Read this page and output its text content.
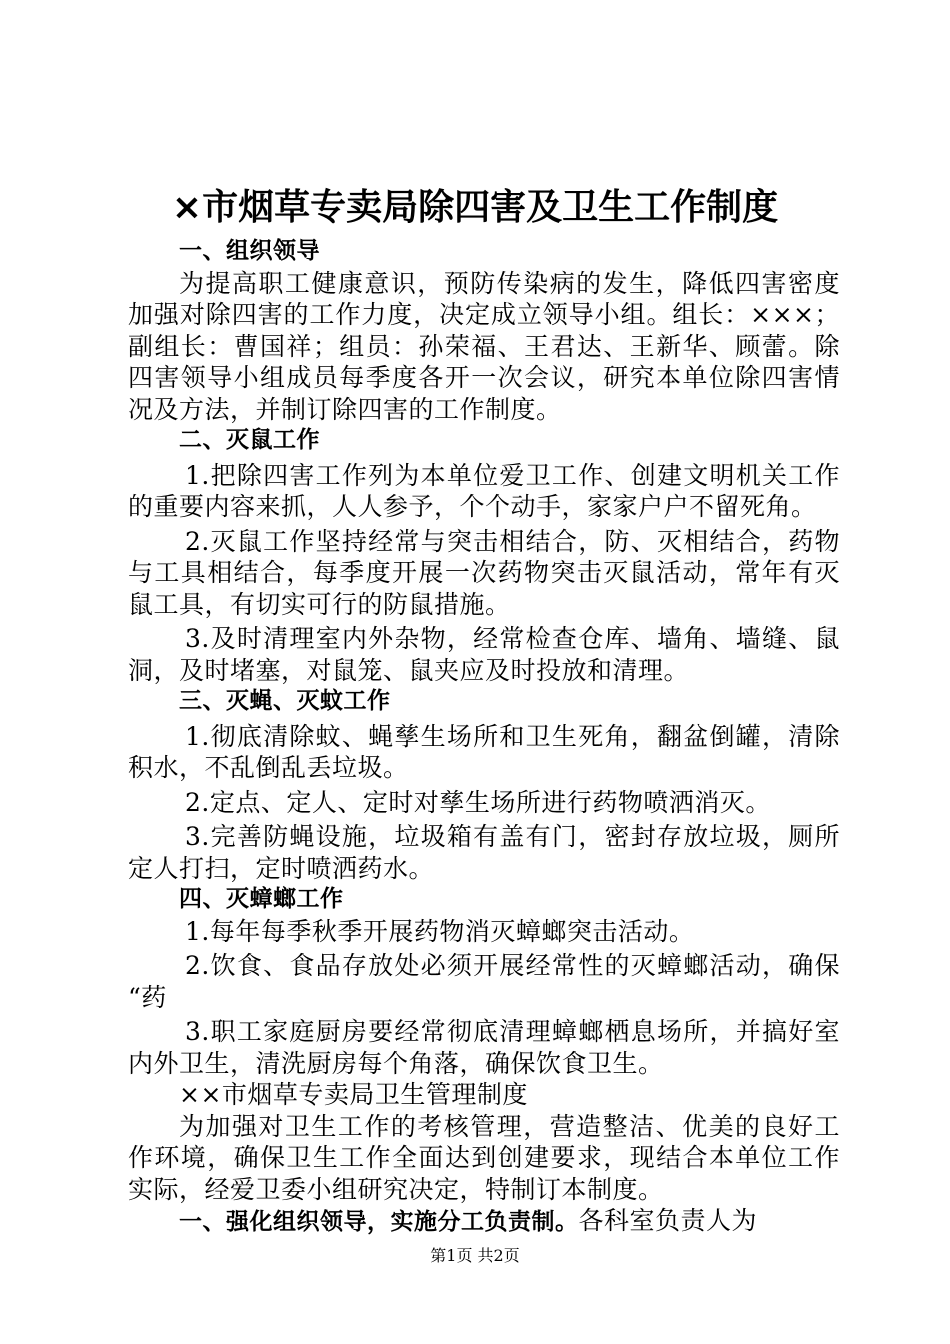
×市烟草专卖局除四害及卫生工作制度
一、组织领导
为提高职工健康意识，预防传染病的发生，降低四害密度
加强对除四害的工作力度，决定成立领导小组。组长：×××；
副组长：曹国祥；组员：孙荣福、王君达、王新华、顾蕾。除
四害领导小组成员每季度各开一次会议，研究本单位除四害情
况及方法，并制订除四害的工作制度。
二、灭鼠工作
1.把除四害工作列为本单位爱卫工作、创建文明机关工作
的重要内容来抓，人人参予，个个动手，家家户户不留死角。
2.灭鼠工作坚持经常与突击相结合，防、灭相结合，药物
与工具相结合，每季度开展一次药物突击灭鼠活动，常年有灭
鼠工具，有切实可行的防鼠措施。
3.及时清理室内外杂物，经常检查仓库、墙角、墙缝、鼠
洞，及时堵塞，对鼠笼、鼠夹应及时投放和清理。
三、灭蝇、灭蚊工作
1.彻底清除蚊、蝇孳生场所和卫生死角，翻盆倒罐，清除
积水，不乱倒乱丢垃圾。
2.定点、定人、定时对孳生场所进行药物喷洒消灭。
3.完善防蝇设施，垃圾箱有盖有门，密封存放垃圾，厕所
定人打扫，定时喷洒药水。
四、灭蟑螂工作
1.每年每季秋季开展药物消灭蟑螂突击活动。
2.饮食、食品存放处必须开展经常性的灭蟑螂活动，确保
“药
3.职工家庭厨房要经常彻底清理蟑螂栖息场所，并搞好室
内外卫生，清洗厨房每个角落，确保饮食卫生。
××市烟草专卖局卫生管理制度
为加强对卫生工作的考核管理，营造整洁、优美的良好工
作环境，确保卫生工作全面达到创建要求，现结合本单位工作
实际，经爱卫委小组研究决定，特制订本制度。
一、强化组织领导，实施分工负责制。各科室负责人为
第1页 共2页
